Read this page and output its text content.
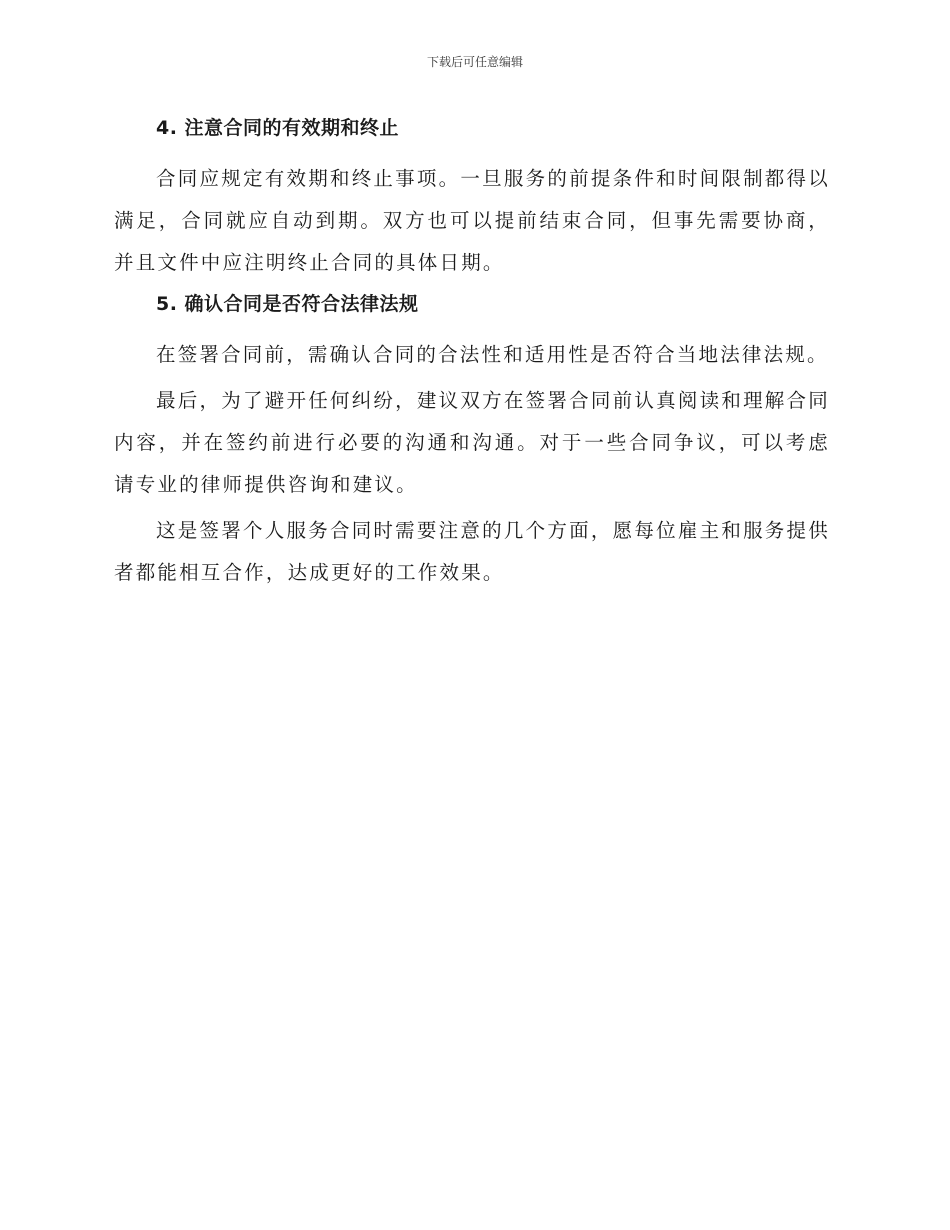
下载后可任意编辑
4. 注意合同的有效期和终止

合同应规定有效期和终止事项。一旦服务的前提条件和时间限制都得以满足，合同就应自动到期。双方也可以提前结束合同，但事先需要协商，并且文件中应注明终止合同的具体日期。

5. 确认合同是否符合法律法规

在签署合同前，需确认合同的合法性和适用性是否符合当地法律法规。

最后，为了避开任何纠纷，建议双方在签署合同前认真阅读和理解合同内容，并在签约前进行必要的沟通和沟通。对于一些合同争议，可以考虑请专业的律师提供咨询和建议。

这是签署个人服务合同时需要注意的几个方面，愿每位雇主和服务提供者都能相互合作，达成更好的工作效果。
